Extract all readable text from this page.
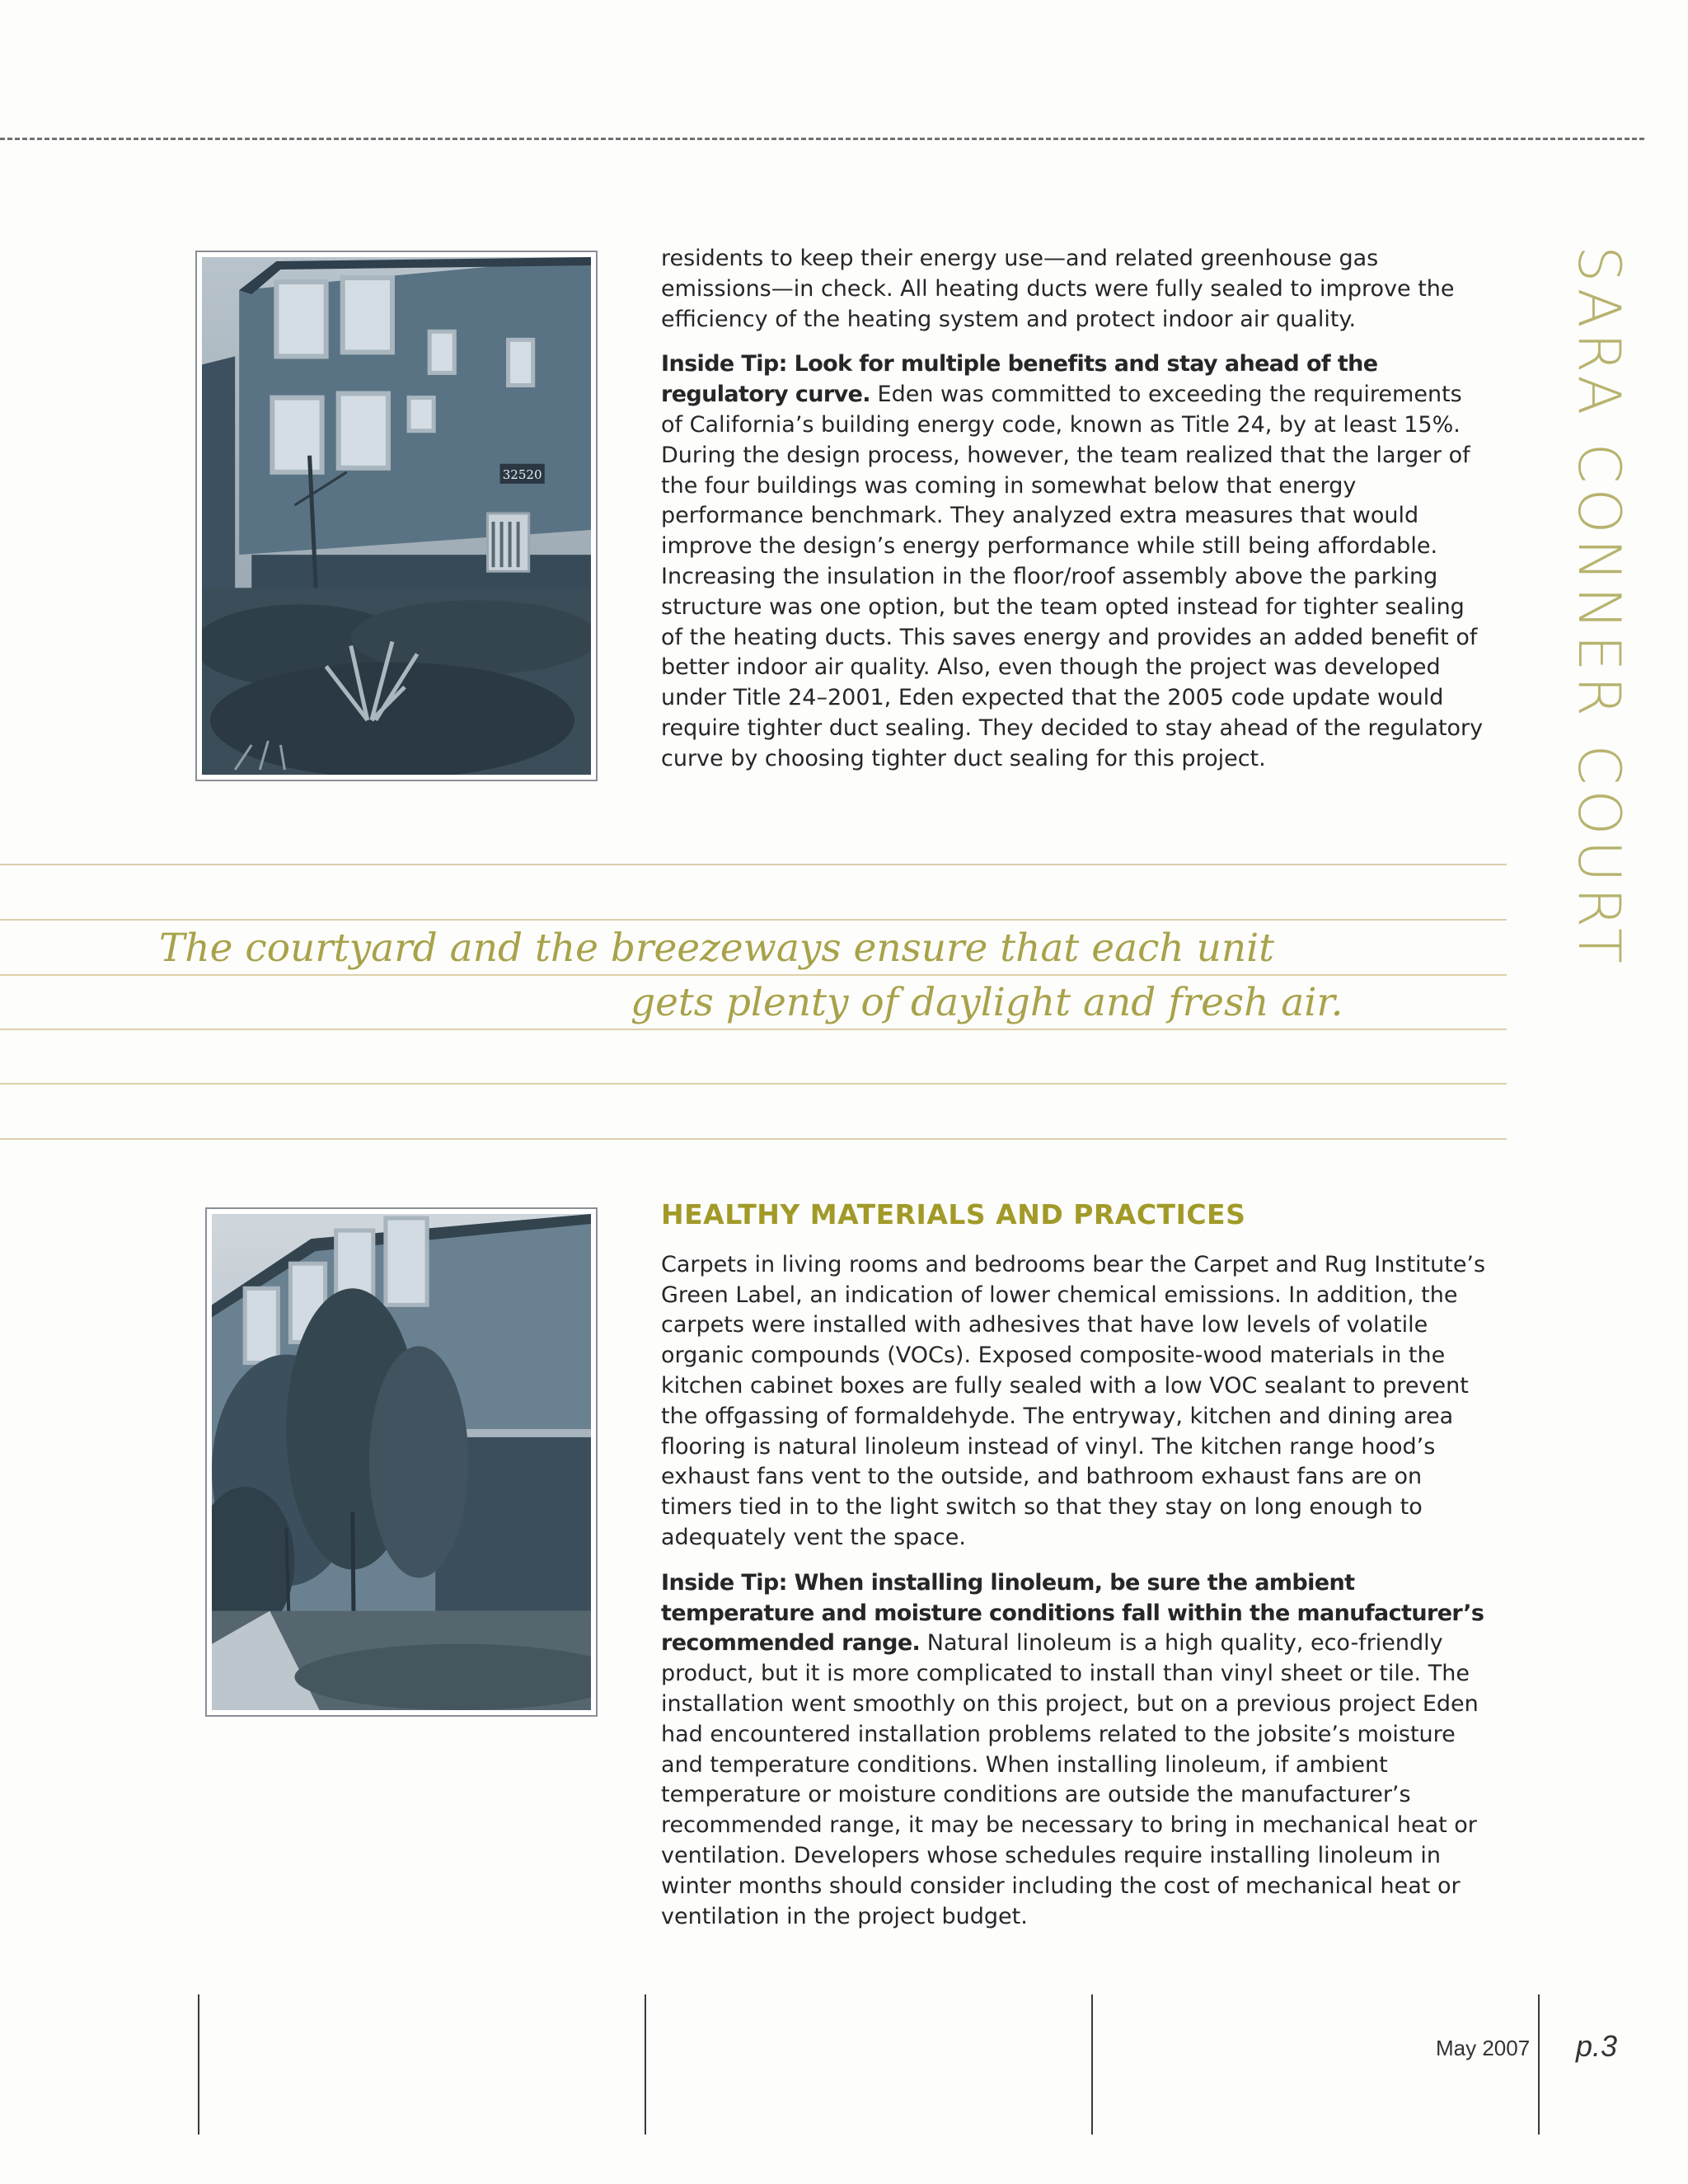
SARA CONNER COURT
32520

residents to keep their energy use—and related greenhouse gas emissions—in check. All heating ducts were fully sealed to improve the efficiency of the heating system and protect indoor air quality.

Inside Tip: Look for multiple benefits and stay ahead of the regulatory curve. Eden was committed to exceeding the requirements of California’s building energy code, known as Title 24, by at least 15%. During the design process, however, the team realized that the larger of the four buildings was coming in somewhat below that energy performance benchmark. They analyzed extra measures that would improve the design’s energy performance while still being affordable. Increasing the insulation in the floor/roof assembly above the parking structure was one option, but the team opted instead for tighter sealing of the heating ducts. This saves energy and provides an added benefit of better indoor air quality. Also, even though the project was developed under Title 24–2001, Eden expected that the 2005 code update would require tighter duct sealing. They decided to stay ahead of the regulatory curve by choosing tighter duct sealing for this project.

The courtyard and the breezeways ensure that each unit
gets plenty of daylight and fresh air.
HEALTHY MATERIALS AND PRACTICES

Carpets in living rooms and bedrooms bear the Carpet and Rug Institute’s Green Label, an indication of lower chemical emissions. In addition, the carpets were installed with adhesives that have low levels of volatile organic compounds (VOCs). Exposed composite-wood materials in the kitchen cabinet boxes are fully sealed with a low VOC sealant to prevent the offgassing of formaldehyde. The entryway, kitchen and dining area flooring is natural linoleum instead of vinyl. The kitchen range hood’s exhaust fans vent to the outside, and bathroom exhaust fans are on timers tied in to the light switch so that they stay on long enough to adequately vent the space.

Inside Tip: When installing linoleum, be sure the ambient temperature and moisture conditions fall within the manufacturer’s recommended range. Natural linoleum is a high quality, eco-friendly product, but it is more complicated to install than vinyl sheet or tile. The installation went smoothly on this project, but on a previous project Eden had encountered installation problems related to the jobsite’s moisture and temperature conditions. When installing linoleum, if ambient temperature or moisture conditions are outside the manufacturer’s recommended range, it may be necessary to bring in mechanical heat or ventilation. Developers whose schedules require installing linoleum in winter months should consider including the cost of mechanical heat or ventilation in the project budget.

May 2007 p.3
